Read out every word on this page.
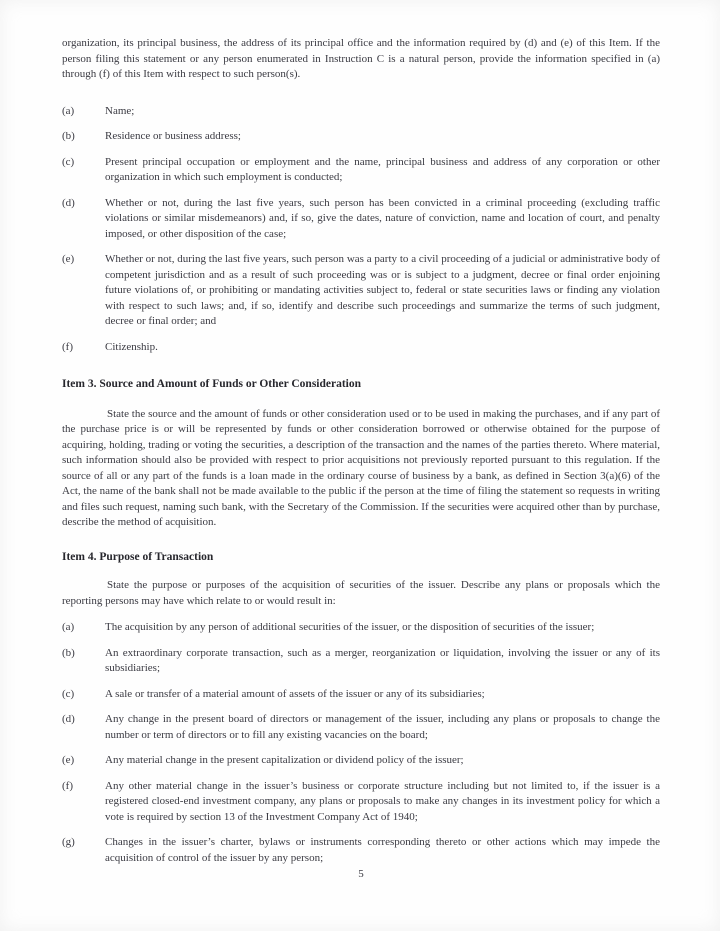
organization, its principal business, the address of its principal office and the information required by (d) and (e) of this Item. If the person filing this statement or any person enumerated in Instruction C is a natural person, provide the information specified in (a) through (f) of this Item with respect to such person(s).

(a)	Name;
(b)	Residence or business address;
(c)	Present principal occupation or employment and the name, principal business and address of any corporation or other organization in which such employment is conducted;
(d)	Whether or not, during the last five years, such person has been convicted in a criminal proceeding (excluding traffic violations or similar misdemeanors) and, if so, give the dates, nature of conviction, name and location of court, and penalty imposed, or other disposition of the case;
(e)	Whether or not, during the last five years, such person was a party to a civil proceeding of a judicial or administrative body of competent jurisdiction and as a result of such proceeding was or is subject to a judgment, decree or final order enjoining future violations of, or prohibiting or mandating activities subject to, federal or state securities laws or finding any violation with respect to such laws; and, if so, identify and describe such proceedings and summarize the terms of such judgment, decree or final order; and
(f)	Citizenship.
Item 3. Source and Amount of Funds or Other Consideration

State the source and the amount of funds or other consideration used or to be used in making the purchases, and if any part of the purchase price is or will be represented by funds or other consideration borrowed or otherwise obtained for the purpose of acquiring, holding, trading or voting the securities, a description of the transaction and the names of the parties thereto. Where material, such information should also be provided with respect to prior acquisitions not previously reported pursuant to this regulation. If the source of all or any part of the funds is a loan made in the ordinary course of business by a bank, as defined in Section 3(a)(6) of the Act, the name of the bank shall not be made available to the public if the person at the time of filing the statement so requests in writing and files such request, naming such bank, with the Secretary of the Commission. If the securities were acquired other than by purchase, describe the method of acquisition.

Item 4. Purpose of Transaction

State the purpose or purposes of the acquisition of securities of the issuer. Describe any plans or proposals which the reporting persons may have which relate to or would result in:

(a)	The acquisition by any person of additional securities of the issuer, or the disposition of securities of the issuer;
(b)	An extraordinary corporate transaction, such as a merger, reorganization or liquidation, involving the issuer or any of its subsidiaries;
(c)	A sale or transfer of a material amount of assets of the issuer or any of its subsidiaries;
(d)	Any change in the present board of directors or management of the issuer, including any plans or proposals to change the number or term of directors or to fill any existing vacancies on the board;
(e)	Any material change in the present capitalization or dividend policy of the issuer;
(f)	Any other material change in the issuer’s business or corporate structure including but not limited to, if the issuer is a registered closed-end investment company, any plans or proposals to make any changes in its investment policy for which a vote is required by section 13 of the Investment Company Act of 1940;
(g)	Changes in the issuer’s charter, bylaws or instruments corresponding thereto or other actions which may impede the acquisition of control of the issuer by any person;
5
